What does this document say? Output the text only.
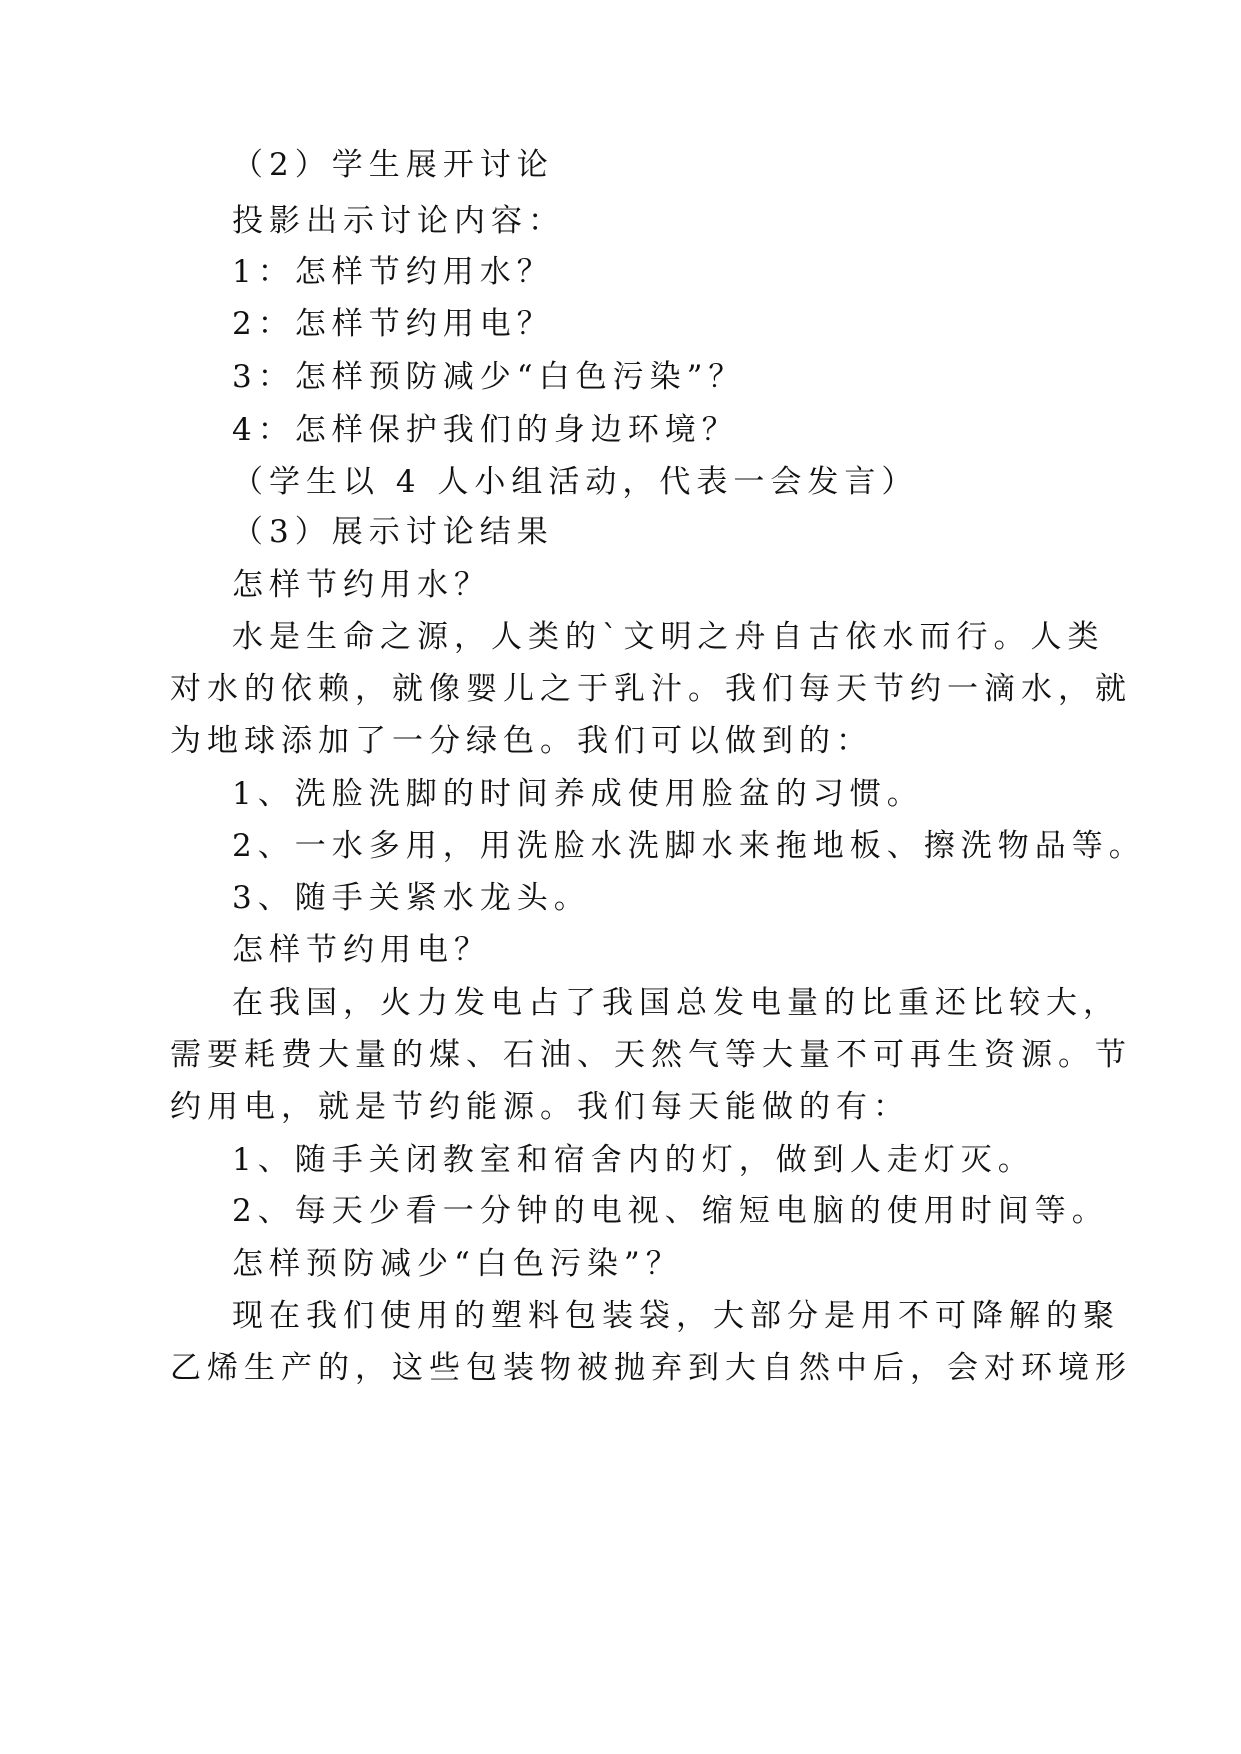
（2）学生展开讨论
投影出示讨论内容：
1：怎样节约用水？
2：怎样节约用电？
3：怎样预防减少“白色污染”？
4：怎样保护我们的身边环境？
（学生以 4 人小组活动，代表一会发言）
（3）展示讨论结果
怎样节约用水？
水是生命之源，人类的`文明之舟自古依水而行。人类
对水的依赖，就像婴儿之于乳汁。我们每天节约一滴水，就
为地球添加了一分绿色。我们可以做到的：
1、洗脸洗脚的时间养成使用脸盆的习惯。
2、一水多用，用洗脸水洗脚水来拖地板、擦洗物品等。
3、随手关紧水龙头。
怎样节约用电？
在我国，火力发电占了我国总发电量的比重还比较大，
需要耗费大量的煤、石油、天然气等大量不可再生资源。节
约用电，就是节约能源。我们每天能做的有：
1、随手关闭教室和宿舍内的灯，做到人走灯灭。
2、每天少看一分钟的电视、缩短电脑的使用时间等。
怎样预防减少“白色污染”？
现在我们使用的塑料包装袋，大部分是用不可降解的聚
乙烯生产的，这些包装物被抛弃到大自然中后，会对环境形
